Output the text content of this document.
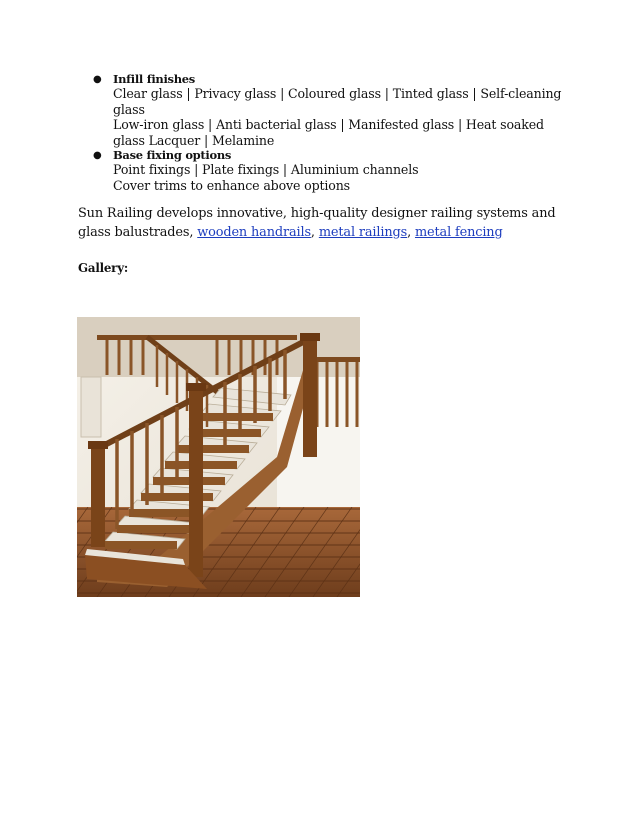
● Infill finishes
Clear glass | Privacy glass | Coloured glass | Tinted glass | Self-cleaning
glass
Low-iron glass | Anti bacterial glass | Manifested glass | Heat soaked
glass Lacquer | Melamine
● Base fixing options
Point fixings | Plate fixings | Aluminium channels
Cover trims to enhance above options

Sun Railing develops innovative, high-quality designer railing systems and glass balustrades, wooden handrails, metal railings, metal fencing

Gallery:
